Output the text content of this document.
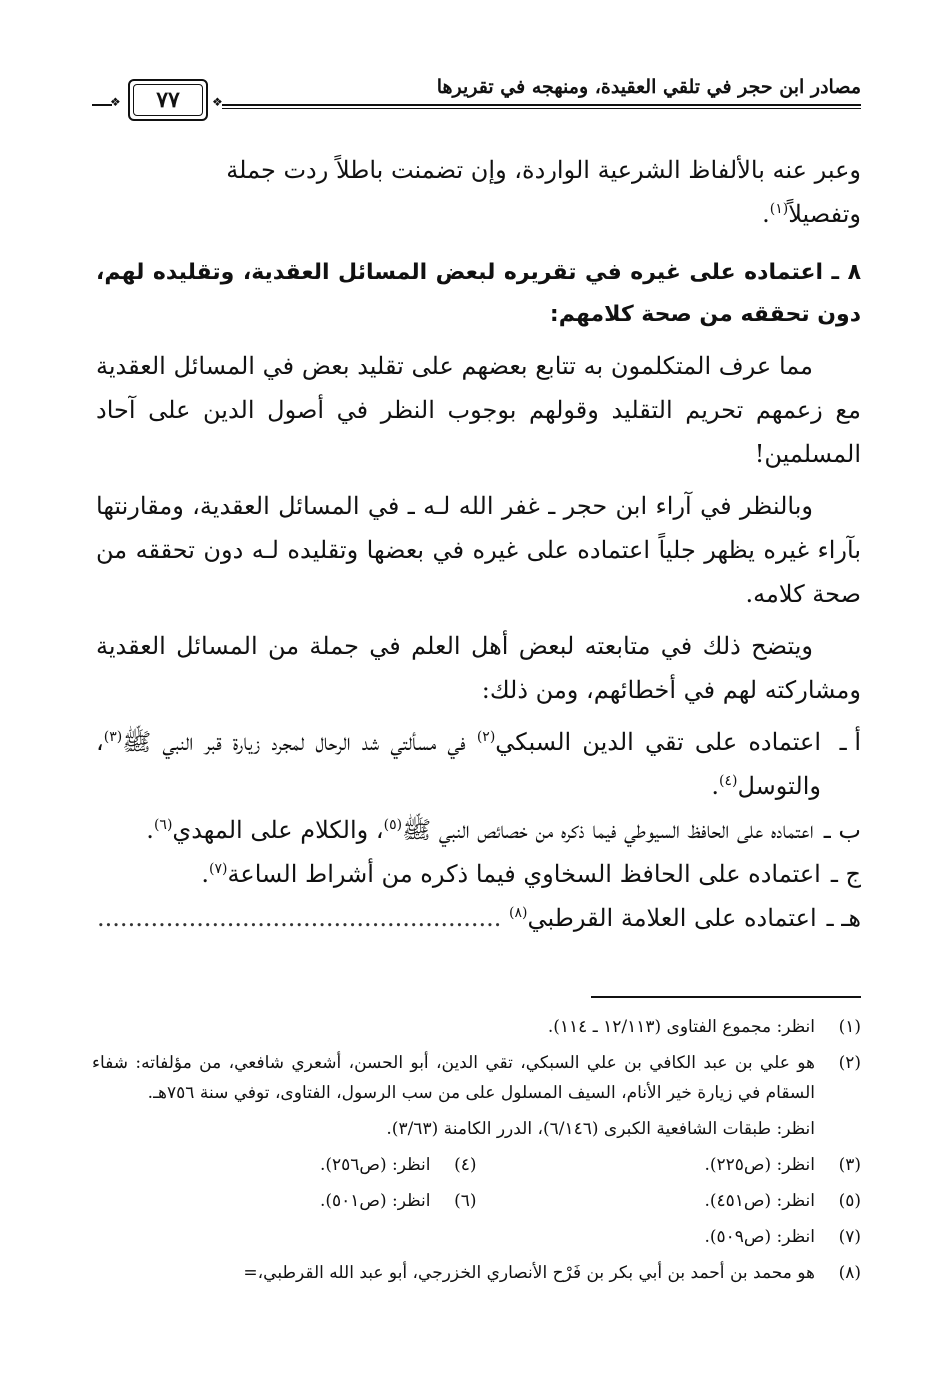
مصادر ابن حجر في تلقي العقيدة، ومنهجه في تقريرها
❖ ٧٧	❖

وعبر عنه بالألفاظ الشرعية الواردة، وإن تضمنت باطلاً ردت جملة
وتفصيلاً$^{(١)}$.

٨ ـ اعتماده على غيره في تقريره لبعض المسائل العقدية، وتقليده لهم، دون تحققه من صحة كلامهم:

مما عرف المتكلمون به تتابع بعضهم على تقليد بعض في المسائل العقدية مع زعمهم تحريم التقليد وقولهم بوجوب النظر في أصول الدين على آحاد المسلمين!

وبالنظر في آراء ابن حجر ـ غفر الله لـه ـ في المسائل العقدية، ومقارنتها بآراء غيره يظهر جلياً اعتماده على غيره في بعضها وتقليده لـه دون تحققه من صحة كلامه.

ويتضح ذلك في متابعته لبعض أهل العلم في جملة من المسائل العقدية ومشاركته لهم في أخطائهم، ومن ذلك:

أ ـ
اعتماده على تقي الدين السبكي$^{(٢)}$ في مسألتي شد الرحال لمجرد زيارة قبر النبي ﷺ$^{(٣)}$، والتوسل$^{(٤)}$.
ب ـ
اعتماده على الحافظ السيوطي فيما ذكره من خصائص النبي ﷺ$^{(٥)}$، والكلام على المهدي$^{(٦)}$.
ج ـ
اعتماده على الحافظ السخاوي فيما ذكره من أشراط الساعة$^{(٧)}$.
هـ ـ
اعتماده على العلامة القرطبي$^{(٨)}$ .....................................................
(١)
انظر: مجموع الفتاوى (١٢/١١٣ ـ ١١٤).
(٢)
هو علي بن عبد الكافي بن علي السبكي، تقي الدين، أبو الحسن، أشعري شافعي، من مؤلفاته: شفاء السقام في زيارة خير الأنام، السيف المسلول على من سب الرسول، الفتاوى، توفي سنة ٧٥٦هـ.
انظر: طبقات الشافعية الكبرى (٦/١٤٦)، الدرر الكامنة (٣/٦٣).
(٣)
انظر: (ص٢٢٥).
(٤)
انظر: (ص٢٥٦).
(٥)
انظر: (ص٤٥١).
(٦)
انظر: (ص٥٠١).
(٧)
انظر: (ص٥٠٩).
(٨)
هو محمد بن أحمد بن أبي بكر بن فَرْح الأنصاري الخزرجي، أبو عبد الله القرطبي،=
